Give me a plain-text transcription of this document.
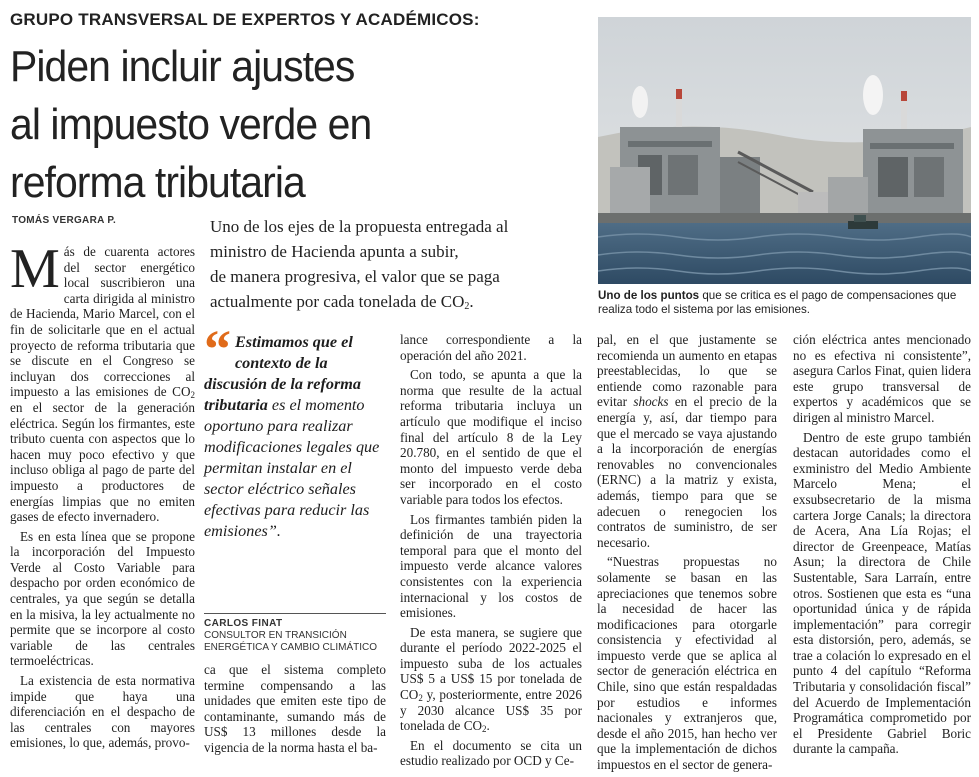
GRUPO TRANSVERSAL DE EXPERTOS Y ACADÉMICOS:
Piden incluir ajustes
al impuesto verde en
reforma tributaria
TOMÁS VERGARA P.	Uno de los ejes de la propuesta entregada al
ministro de Hacienda apunta a subir,
de manera progresiva, el valor que se paga
actualmente por cada tonelada de $CO_2$.

Más de cuarenta actores del sector energético local suscribieron una carta dirigida al ministro de Hacienda, Mario Marcel, con el fin de solicitarle que en el actual proyecto de reforma tributaria que se discute en el Congreso se incluyan dos correcciones al impuesto a las emisiones de $CO_2$ en el sector de la generación eléctrica. Según los firmantes, este tributo cuenta con aspectos que lo hacen muy poco efectivo y que incluso obliga al pago de parte del impuesto a productores de energías limpias que no emiten gases de efecto invernadero.

Es en esta línea que se propone la incorporación del Impuesto Verde al Costo Variable para despacho por orden económico de centrales, ya que según se detalla en la misiva, la ley actualmente no permite que se incorpore al costo variable de las centrales termoeléctricas.

La existencia de esta normativa impide que haya una diferenciación en el despacho de las centrales con mayores emisiones, lo que, además, provo-

“ Estimamos que el contexto de la discusión de la reforma tributaria es el momento oportuno para realizar modificaciones legales que permitan instalar en el sector eléctrico señales efectivas para reducir las emisiones”.
CARLOS FINAT
CONSULTOR EN TRANSICIÓN ENERGÉTICA Y CAMBIO CLIMÁTICO

ca que el sistema completo termine compensando a las unidades que emiten este tipo de contaminante, sumando más de US$ 13 millones desde la vigencia de la norma hasta el ba-

lance correspondiente a la operación del año 2021.

Con todo, se apunta a que la norma que resulte de la actual reforma tributaria incluya un artículo que modifique el inciso final del artículo 8 de la Ley 20.780, en el sentido de que el monto del impuesto verde deba ser incorporado en el costo variable para todos los efectos.

Los firmantes también piden la definición de una trayectoria temporal para que el monto del impuesto verde alcance valores consistentes con la experiencia internacional y los costos de emisiones.

De esta manera, se sugiere que durante el período 2022-2025 el impuesto suba de los actuales US$ 5 a US$ 15 por tonelada de $CO_2$ y, posteriormente, entre 2026 y 2030 alcance US$ 35 por tonelada de $CO_2$.

En el documento se cita un estudio realizado por OCD y Ce-

pal, en el que justamente se recomienda un aumento en etapas preestablecidas, lo que se entiende como razonable para evitar shocks en el precio de la energía y, así, dar tiempo para que el mercado se vaya ajustando a la incorporación de energías renovables no convencionales (ERNC) a la matriz y exista, además, tiempo para que se adecuen o renegocien los contratos de suministro, de ser necesario.

“Nuestras propuestas no solamente se basan en las apreciaciones que tenemos sobre la necesidad de hacer las modificaciones para otorgarle consistencia y efectividad al impuesto verde que se aplica al sector de generación eléctrica en Chile, sino que están respaldadas por estudios e informes nacionales y extranjeros que, desde el año 2015, han hecho ver que la implementación de dichos impuestos en el sector de genera-

ción eléctrica antes mencionado no es efectiva ni consistente”, asegura Carlos Finat, quien lidera este grupo transversal de expertos y académicos que se dirigen al ministro Marcel.

Dentro de este grupo también destacan autoridades como el exministro del Medio Ambiente Marcelo Mena; el exsubsecretario de la misma cartera Jorge Canals; la directora de Acera, Ana Lía Rojas; el director de Greenpeace, Matías Asun; la directora de Chile Sustentable, Sara Larraín, entre otros. Sostienen que esta es “una oportunidad única y de rápida implementación” para corregir esta distorsión, pero, además, se trae a colación lo expresado en el punto 4 del capítulo “Reforma Tributaria y consolidación fiscal” del Acuerdo de Implementación Programática comprometido por el Presidente Gabriel Boric durante la campaña.

Uno de los puntos que se critica es el pago de compensaciones que realiza todo el sistema por las emisiones.
